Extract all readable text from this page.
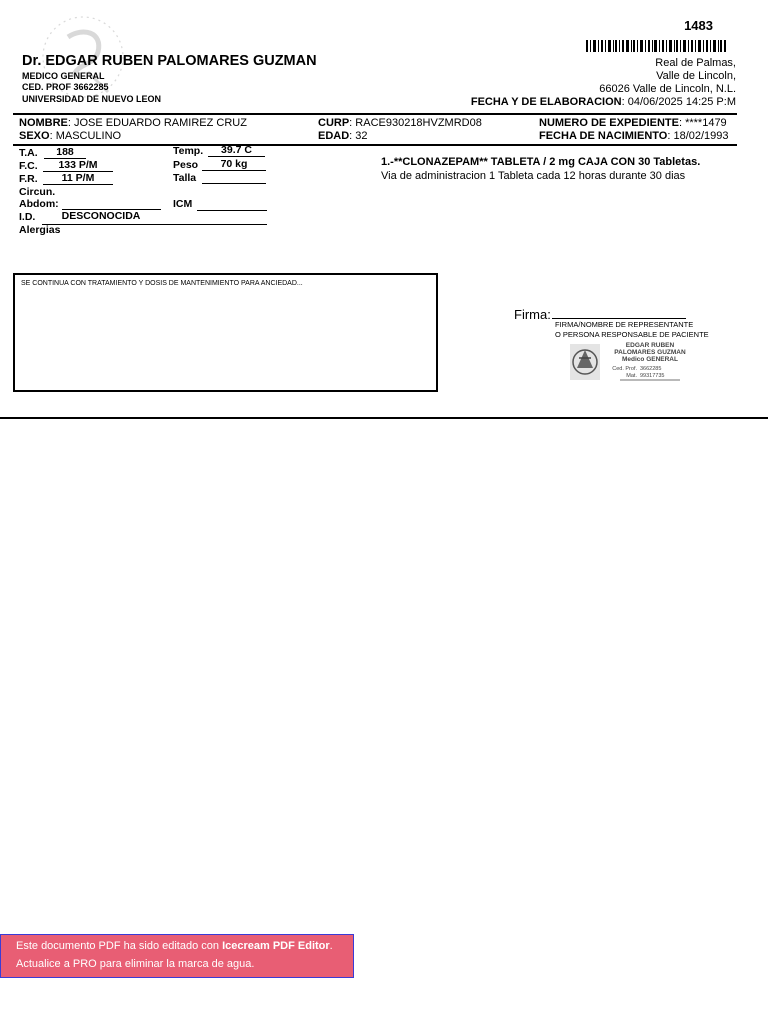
Dr. EDGAR RUBEN PALOMARES GUZMAN
MEDICO GENERAL
CED. PROF 3662285
UNIVERSIDAD DE NUEVO LEON
1483
Real de Palmas,
Valle de Lincoln,
66026 Valle de Lincoln, N.L.
FECHA Y DE ELABORACION: 04/06/2025 14:25 P:M
NOMBRE: JOSE EDUARDO RAMIREZ CRUZ
SEXO: MASCULINO
CURP: RACE930218HVZMRD08
EDAD: 32
NUMERO DE EXPEDIENTE: ****1479
FECHA DE NACIMIENTO: 18/02/1993
T.A.	188
F.C.	133 P/M
F.R.	11 P/M
Circun.
Abdom:
I.D.	DESCONOCIDA
Alergias
Temp.	39.7 C
Peso	70 kg
Talla
ICM
1.-**CLONAZEPAM** TABLETA / 2 mg CAJA CON 30 Tabletas.
Via de administracion 1 Tableta cada 12 horas durante 30 dias
SE CONTINUA CON TRATAMIENTO Y DOSIS DE MANTENIMIENTO PARA ANCIEDAD...
Firma:
FIRMA/NOMBRE DE REPRESENTANTE
O PERSONA RESPONSABLE DE PACIENTE
EDGAR RUBEN
PALOMARES GUZMAN
Medico GENERAL
Ced. Prof. 3662285
Mat. 99317735
Este documento PDF ha sido editado con Icecream PDF Editor.
Actualice a PRO para eliminar la marca de agua.
